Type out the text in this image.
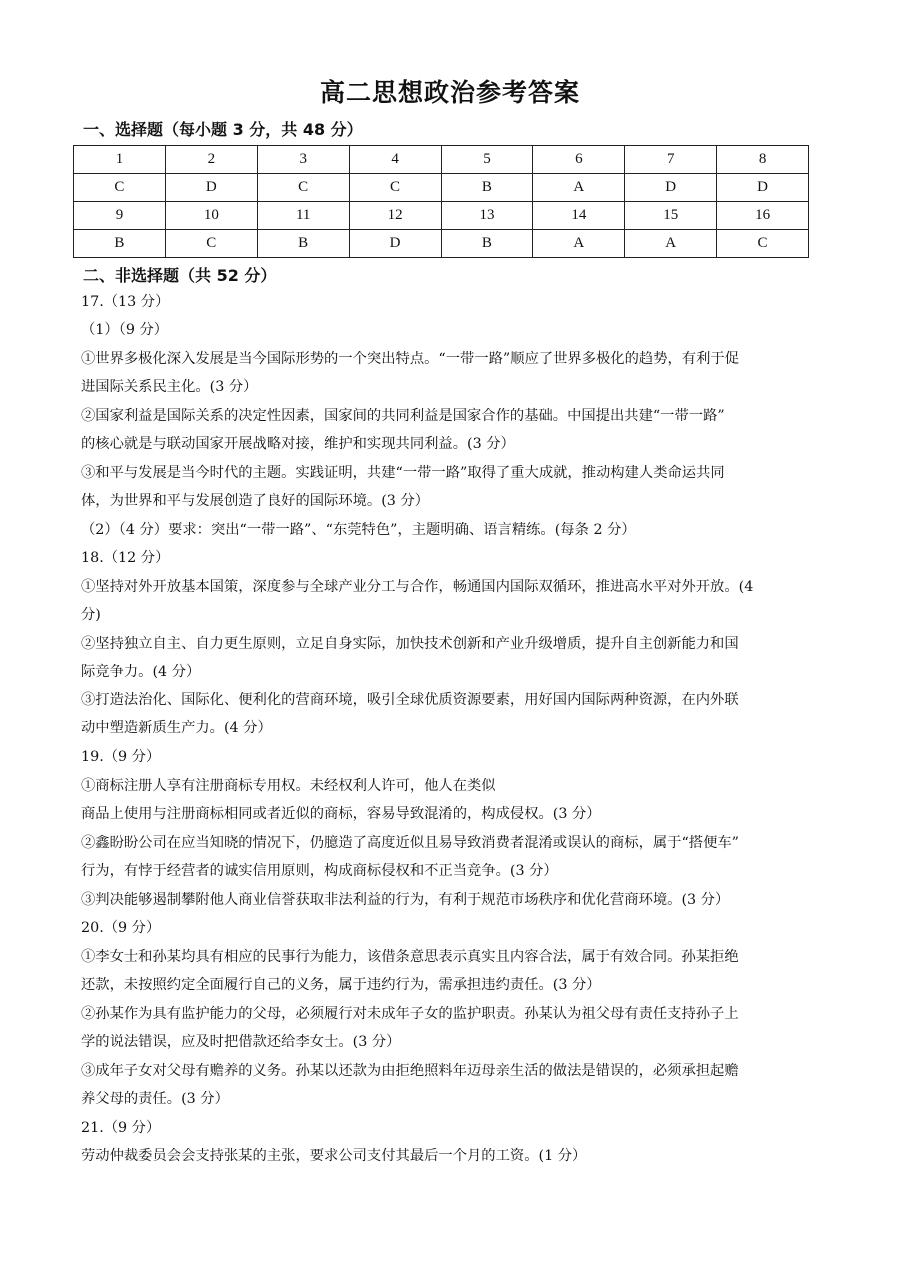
高二思想政治参考答案
一、选择题（每小题 3 分，共 48 分）
1	2	3	4	5	6	7	8
C	D	C	C	B	A	D	D
9	10	11	12	13	14	15	16
B	C	B	D	B	A	A	C
二、非选择题（共 52 分）
17.（13 分）
（1）（9 分）
①世界多极化深入发展是当今国际形势的一个突出特点。“一带一路”顺应了世界多极化的趋势，有利于促
进国际关系民主化。(3 分）
②国家利益是国际关系的决定性因素，国家间的共同利益是国家合作的基础。中国提出共建“一带一路”
的核心就是与联动国家开展战略对接，维护和实现共同利益。(3 分）
③和平与发展是当今时代的主题。实践证明，共建“一带一路”取得了重大成就，推动构建人类命运共同
体，为世界和平与发展创造了良好的国际环境。(3 分）
（2）（4 分）要求：突出“一带一路”、“东莞特色”，主题明确、语言精练。(每条 2 分）
18.（12 分）
①坚持对外开放基本国策，深度参与全球产业分工与合作，畅通国内国际双循环，推进高水平对外开放。(4
分)
②坚持独立自主、自力更生原则，立足自身实际，加快技术创新和产业升级增质，提升自主创新能力和国
际竞争力。(4 分）
③打造法治化、国际化、便利化的营商环境，吸引全球优质资源要素，用好国内国际两种资源，在内外联
动中塑造新质生产力。(4 分）
19.（9 分）
①商标注册人享有注册商标专用权。未经权利人许可，他人在类似
商品上使用与注册商标相同或者近似的商标，容易导致混淆的，构成侵权。(3 分）
②鑫盼盼公司在应当知晓的情况下，仍臆造了高度近似且易导致消费者混淆或误认的商标，属于“搭便车”
行为，有悖于经营者的诚实信用原则，构成商标侵权和不正当竞争。(3 分）
③判决能够遏制攀附他人商业信誉获取非法利益的行为，有利于规范市场秩序和优化营商环境。(3 分）
20.（9 分）
①李女士和孙某均具有相应的民事行为能力，该借条意思表示真实且内容合法，属于有效合同。孙某拒绝
还款，未按照约定全面履行自己的义务，属于违约行为，需承担违约责任。(3 分）
②孙某作为具有监护能力的父母，必须履行对未成年子女的监护职责。孙某认为祖父母有责任支持孙子上
学的说法错误，应及时把借款还给李女士。(3 分）
③成年子女对父母有赡养的义务。孙某以还款为由拒绝照料年迈母亲生活的做法是错误的，必须承担起赡
养父母的责任。(3 分）
21.（9 分）
劳动仲裁委员会会支持张某的主张，要求公司支付其最后一个月的工资。(1 分）
